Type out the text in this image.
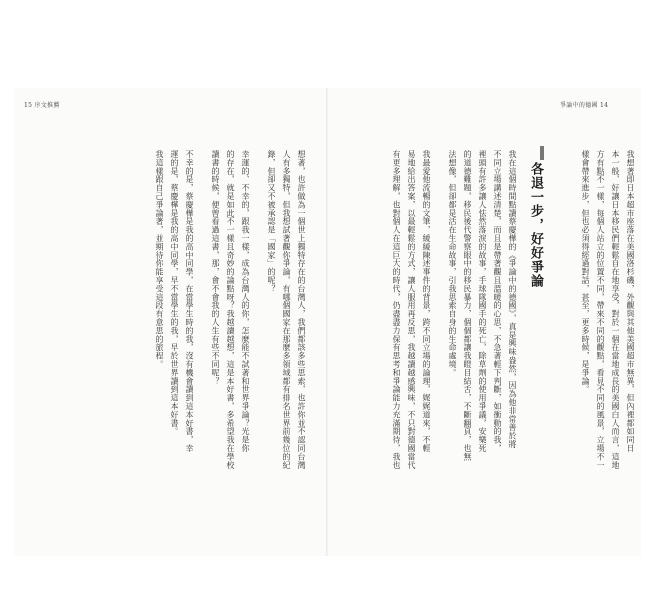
15 序文推薦	爭論中的德國 14
想著，也許做為一個世上獨特存在的台灣人，我們都該多些思索，也許你並不認同台灣
人有多獨特，但我想試著觀你爭論，有哪個國家在那麼多領域都有排名世界前幾位的紀
錄，但卻又不被承認是「國家」的呢？
幸運的、不幸的，跟我一樣，成為台灣人的你，怎麼能不試著和世界爭論？光是你
的存在，就是如此不一樣且奇妙的論點呀？我越讀越想，這是本好書，多希望我在學校
讀書的時候，便曾看過這書，那，會不會我的人生有些不同呢？
不幸的是，蔡慶樺是我的高中同學，在當學生時的我，沒有機會讀到這本好書，幸
運的是，蔡慶樺是我的高中同學，早不當學生的我，早於世界讀到這本好書。
我這樣跟自己爭論著，並期待你能享受這段有意思的旅程。	我想著即日本超市座落在美國洛杉磯，外觀與其他美國超市無異，但內裡都如同日
本一般，好讓日本移民們輕鬆自在地享受，對於一個在當地成長的美國白人而言，這地
方有點不一樣，每個人站立的位置不同，帶來不同的觀點，看見不同的風景，立場不一
樣會帶來進步，但也必須得經過對話，甚至，更多時候，是爭論。
各退一步，好好爭論
我在這個時間點讀蔡慶樺的《爭論中的德國》，真是興味盎然，因為他非常善於將
不同立場講述清楚，而且是帶著觀且溫暖的心思，不急著輕下判斷，如衝動的我，
裡頭有許多讓人怯然落淚的故事，手球隊國手的死亡，除草劑的使用爭議，安樂死
的道德難題，移民後代警察眼中的移民暴力，個個都讓我瞪目結舌，不斷翻頁，也無
法想像，但卻都是活在生命故事，引我思索自身的生命處境。
我最愛他流暢的文筆，緩緩陳述事件的背景，跨不同立場的論理，娓娓道來，不輕
易地給出答案，以最輕鬆的方式，讓人服用再反思，我越讀越感興味，不只對德國當代
有更多理解，也對個人在這巨大的時代，仍盡盡力保有思考和爭論能力充滿期待，我也
